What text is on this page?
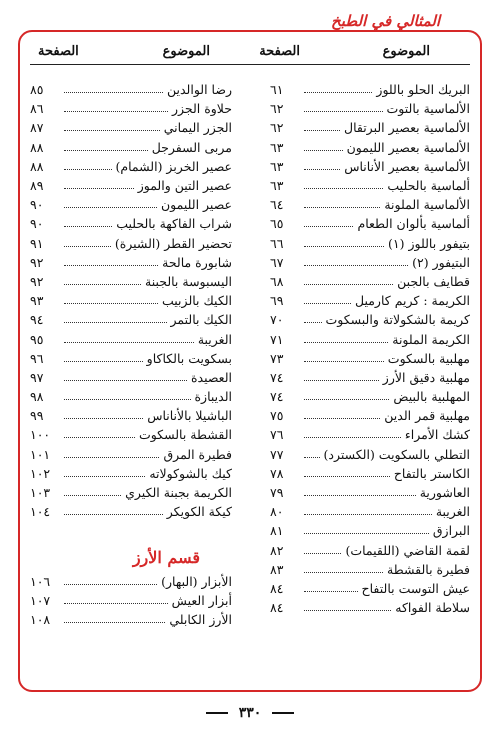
المثالي في الطبخ
الموضوع
الصفحة
الموضوع
الصفحة
البريك الحلو باللوز
٦١
الألماسية بالتوت
٦٢
الألماسية بعصير البرتقال
٦٢
الألماسية بعصير الليمون
٦٣
الألماسية بعصير الأناناس
٦٣
ألماسية بالحليب
٦٣
الألماسية الملونة
٦٤
ألماسية بألوان الطعام
٦٥
بتيفور باللوز (١)
٦٦
البتيفور (٢)
٦٧
قطايف بالجبن
٦٨
الكريمة : كريم كارميل
٦٩
كريمة بالشكولاتة والبسكوت
٧٠
الكريمة الملونة
٧١
مهلبية بالسكوت
٧٣
مهلبية دقيق الأرز
٧٤
المهلبية بالبيض
٧٤
مهلبية قمر الدين
٧٥
كشك الأمراء
٧٦
التطلي بالسكويت (الكسترد)
٧٧
الكاستر بالتفاح
٧٨
العاشورية
٧٩
الغريبة
٨٠
البرازق
٨١
لقمة القاضي (اللقيمات)
٨٢
فطيرة بالقشطة
٨٣
عيش التوست بالتفاح
٨٤
سلاطة الفواكه
٨٤
رضا الوالدين
٨٥
حلاوة الجزر
٨٦
الجزر اليماني
٨٧
مربى السفرجل
٨٨
عصير الخربز (الشمام)
٨٨
عصير التين والموز
٨٩
عصير الليمون
٩٠
شراب الفاكهة بالحليب
٩٠
تحضير القطر (الشيرة)
٩١
شابورة مالحة
٩٢
اليسبوسة بالجبنة
٩٢
الكيك بالزبيب
٩٣
الكيك بالتمر
٩٤
الغريبة
٩٥
بسكويت بالكاكاو
٩٦
العصيدة
٩٧
الديبازة
٩٨
الباشيلا بالأناناس
٩٩
القشطة بالسكوت
١٠٠
فطيرة المرق
١٠١
كيك بالشوكولاته
١٠٢
الكريمة بجبنة الكيري
١٠٣
كيكة الكويكر
١٠٤
قسم الأرز
الأبزار (البهار)
١٠٦
أبزار العيش
١٠٧
الأرز الكابلي
١٠٨
٣٣٠
